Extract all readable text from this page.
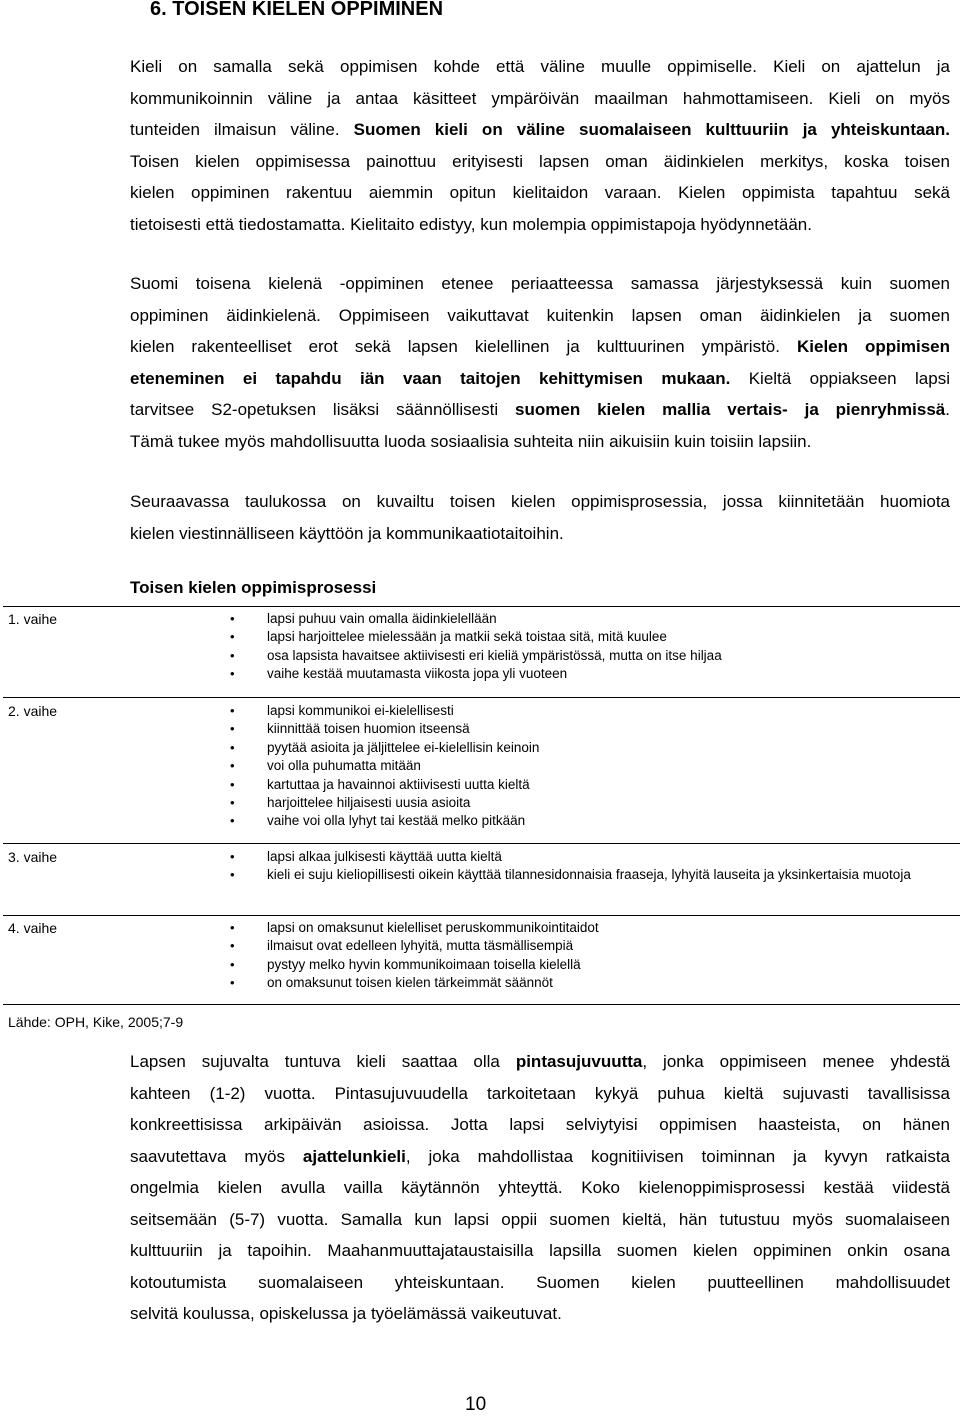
6. TOISEN KIELEN OPPIMINEN
Kieli on samalla sekä oppimisen kohde että väline muulle oppimiselle. Kieli on ajattelun ja
kommunikoinnin väline ja antaa käsitteet ympäröivän maailman hahmottamiseen. Kieli on myös
tunteiden ilmaisun väline. Suomen kieli on väline suomalaiseen kulttuuriin ja yhteiskuntaan.
Toisen kielen oppimisessa painottuu erityisesti lapsen oman äidinkielen merkitys, koska toisen
kielen oppiminen rakentuu aiemmin opitun kielitaidon varaan. Kielen oppimista tapahtuu sekä
tietoisesti että tiedostamatta. Kielitaito edistyy, kun molempia oppimistapoja hyödynnetään.
Suomi toisena kielenä -oppiminen etenee periaatteessa samassa järjestyksessä kuin suomen
oppiminen äidinkielenä. Oppimiseen vaikuttavat kuitenkin lapsen oman äidinkielen ja suomen
kielen rakenteelliset erot sekä lapsen kielellinen ja kulttuurinen ympäristö. Kielen oppimisen
eteneminen ei tapahdu iän vaan taitojen kehittymisen mukaan. Kieltä oppiakseen lapsi
tarvitsee S2-opetuksen lisäksi säännöllisesti suomen kielen mallia vertais- ja pienryhmissä.
Tämä tukee myös mahdollisuutta luoda sosiaalisia suhteita niin aikuisiin kuin toisiin lapsiin.
Seuraavassa taulukossa on kuvailtu toisen kielen oppimisprosessia, jossa kiinnitetään huomiota
kielen viestinnälliseen käyttöön ja kommunikaatiotaitoihin.
Toisen kielen oppimisprosessi
1. vaihe	• lapsi puhuu vain omalla äidinkielellään
• lapsi harjoittelee mielessään ja matkii sekä toistaa sitä, mitä kuulee
• osa lapsista havaitsee aktiivisesti eri kieliä ympäristössä, mutta on itse hiljaa
• vaihe kestää muutamasta viikosta jopa yli vuoteen
2. vaihe	• lapsi kommunikoi ei-kielellisesti
• kiinnittää toisen huomion itseensä
• pyytää asioita ja jäljittelee ei-kielellisin keinoin
• voi olla puhumatta mitään
• kartuttaa ja havainnoi aktiivisesti uutta kieltä
• harjoittelee hiljaisesti uusia asioita
• vaihe voi olla lyhyt tai kestää melko pitkään
3. vaihe	• lapsi alkaa julkisesti käyttää uutta kieltä
• kieli ei suju kieliopillisesti oikein käyttää tilannesidonnaisia fraaseja, lyhyitä lauseita ja yksinkertaisia muotoja
4. vaihe	• lapsi on omaksunut kielelliset peruskommunikointitaidot
• ilmaisut ovat edelleen lyhyitä, mutta täsmällisempiä
• pystyy melko hyvin kommunikoimaan toisella kielellä
• on omaksunut toisen kielen tärkeimmät säännöt

Lähde: OPH, Kike, 2005;7-9

Lapsen sujuvalta tuntuva kieli saattaa olla pintasujuvuutta, jonka oppimiseen menee yhdestä
kahteen (1-2) vuotta. Pintasujuvuudella tarkoitetaan kykyä puhua kieltä sujuvasti tavallisissa
konkreettisissa arkipäivän asioissa. Jotta lapsi selviytyisi oppimisen haasteista, on hänen
saavutettava myös ajattelunkieli, joka mahdollistaa kognitiivisen toiminnan ja kyvyn ratkaista
ongelmia kielen avulla vailla käytännön yhteyttä. Koko kielenoppimisprosessi kestää viidestä
seitsemään (5-7) vuotta. Samalla kun lapsi oppii suomen kieltä, hän tutustuu myös suomalaiseen
kulttuuriin ja tapoihin. Maahanmuuttajataustaisilla lapsilla suomen kielen oppiminen onkin osana
kotoutumista suomalaiseen yhteiskuntaan. Suomen kielen puutteellinen mahdollisuudet
selvitä koulussa, opiskelussa ja työelämässä vaikeutuvat.

10
